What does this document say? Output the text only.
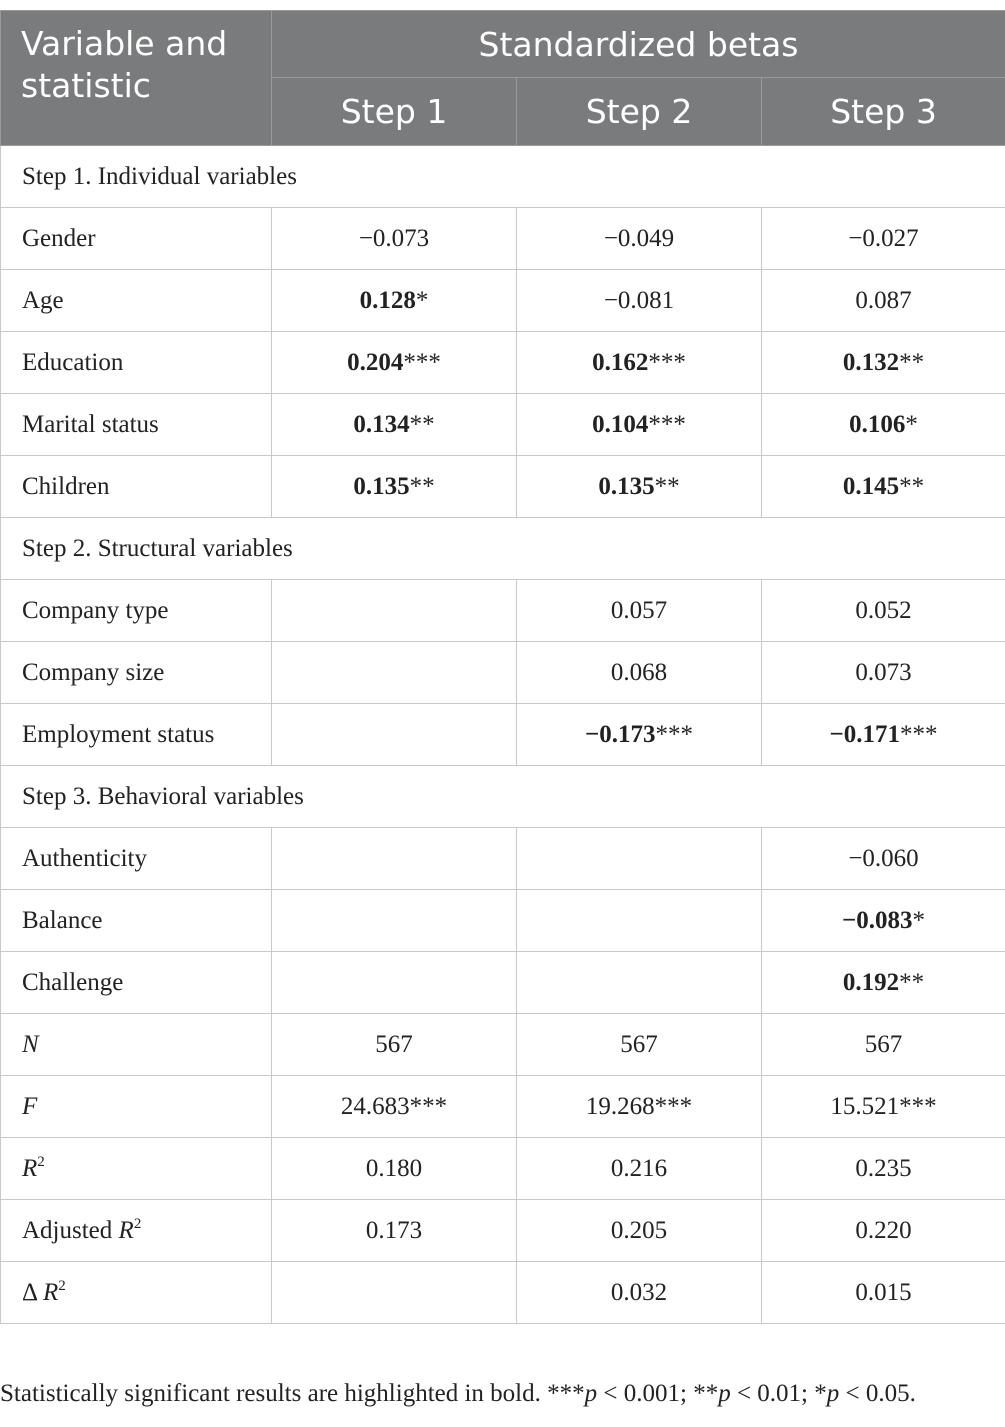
Variable and statistic	Standardized betas		
	Step 1	Step 2	Step 3
Step 1. Individual variables			
Gender	−0.073	−0.049	−0.027
Age	0.128*	−0.081	0.087
Education	0.204***	0.162***	0.132**
Marital status	0.134**	0.104***	0.106*
Children	0.135**	0.135**	0.145**
Step 2. Structural variables			
Company type		0.057	0.052
Company size		0.068	0.073
Employment status		−0.173***	−0.171***
Step 3. Behavioral variables			
Authenticity			−0.060
Balance			−0.083*
Challenge			0.192**
N	567	567	567
F	24.683***	19.268***	15.521***
$R^2$	0.180	0.216	0.235
Adjusted $R^2$	0.173	0.205	0.220
Δ $R^2$		0.032	0.015
Statistically significant results are highlighted in bold. ***p < 0.001; **p < 0.01; *p < 0.05.
